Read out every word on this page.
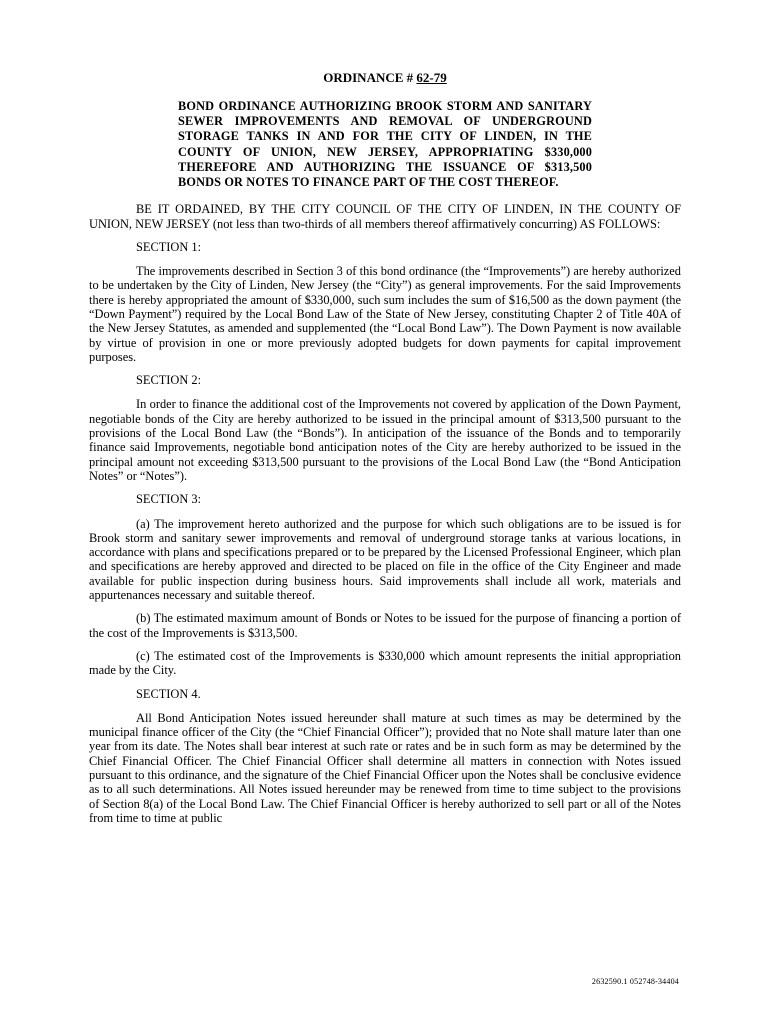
ORDINANCE # 62-79
BOND ORDINANCE AUTHORIZING BROOK STORM AND SANITARY SEWER IMPROVEMENTS AND REMOVAL OF UNDERGROUND STORAGE TANKS IN AND FOR THE CITY OF LINDEN, IN THE COUNTY OF UNION, NEW JERSEY, APPROPRIATING $330,000 THEREFORE AND AUTHORIZING THE ISSUANCE OF $313,500 BONDS OR NOTES TO FINANCE PART OF THE COST THEREOF.

BE IT ORDAINED, BY THE CITY COUNCIL OF THE CITY OF LINDEN, IN THE COUNTY OF UNION, NEW JERSEY (not less than two-thirds of all members thereof affirmatively concurring) AS FOLLOWS:

SECTION 1:

The improvements described in Section 3 of this bond ordinance (the “Improvements”) are hereby authorized to be undertaken by the City of Linden, New Jersey (the “City”) as general improvements. For the said Improvements there is hereby appropriated the amount of $330,000, such sum includes the sum of $16,500 as the down payment (the “Down Payment”) required by the Local Bond Law of the State of New Jersey, constituting Chapter 2 of Title 40A of the New Jersey Statutes, as amended and supplemented (the “Local Bond Law”). The Down Payment is now available by virtue of provision in one or more previously adopted budgets for down payments for capital improvement purposes.

SECTION 2:

In order to finance the additional cost of the Improvements not covered by application of the Down Payment, negotiable bonds of the City are hereby authorized to be issued in the principal amount of $313,500 pursuant to the provisions of the Local Bond Law (the “Bonds”). In anticipation of the issuance of the Bonds and to temporarily finance said Improvements, negotiable bond anticipation notes of the City are hereby authorized to be issued in the principal amount not exceeding $313,500 pursuant to the provisions of the Local Bond Law (the “Bond Anticipation Notes” or “Notes”).

SECTION 3:

(a) The improvement hereto authorized and the purpose for which such obligations are to be issued is for Brook storm and sanitary sewer improvements and removal of underground storage tanks at various locations, in accordance with plans and specifications prepared or to be prepared by the Licensed Professional Engineer, which plan and specifications are hereby approved and directed to be placed on file in the office of the City Engineer and made available for public inspection during business hours. Said improvements shall include all work, materials and appurtenances necessary and suitable thereof.

(b) The estimated maximum amount of Bonds or Notes to be issued for the purpose of financing a portion of the cost of the Improvements is $313,500.

(c) The estimated cost of the Improvements is $330,000 which amount represents the initial appropriation made by the City.

SECTION 4.

All Bond Anticipation Notes issued hereunder shall mature at such times as may be determined by the municipal finance officer of the City (the “Chief Financial Officer”); provided that no Note shall mature later than one year from its date. The Notes shall bear interest at such rate or rates and be in such form as may be determined by the Chief Financial Officer. The Chief Financial Officer shall determine all matters in connection with Notes issued pursuant to this ordinance, and the signature of the Chief Financial Officer upon the Notes shall be conclusive evidence as to all such determinations. All Notes issued hereunder may be renewed from time to time subject to the provisions of Section 8(a) of the Local Bond Law. The Chief Financial Officer is hereby authorized to sell part or all of the Notes from time to time at public

2632590.1 052748-34404
